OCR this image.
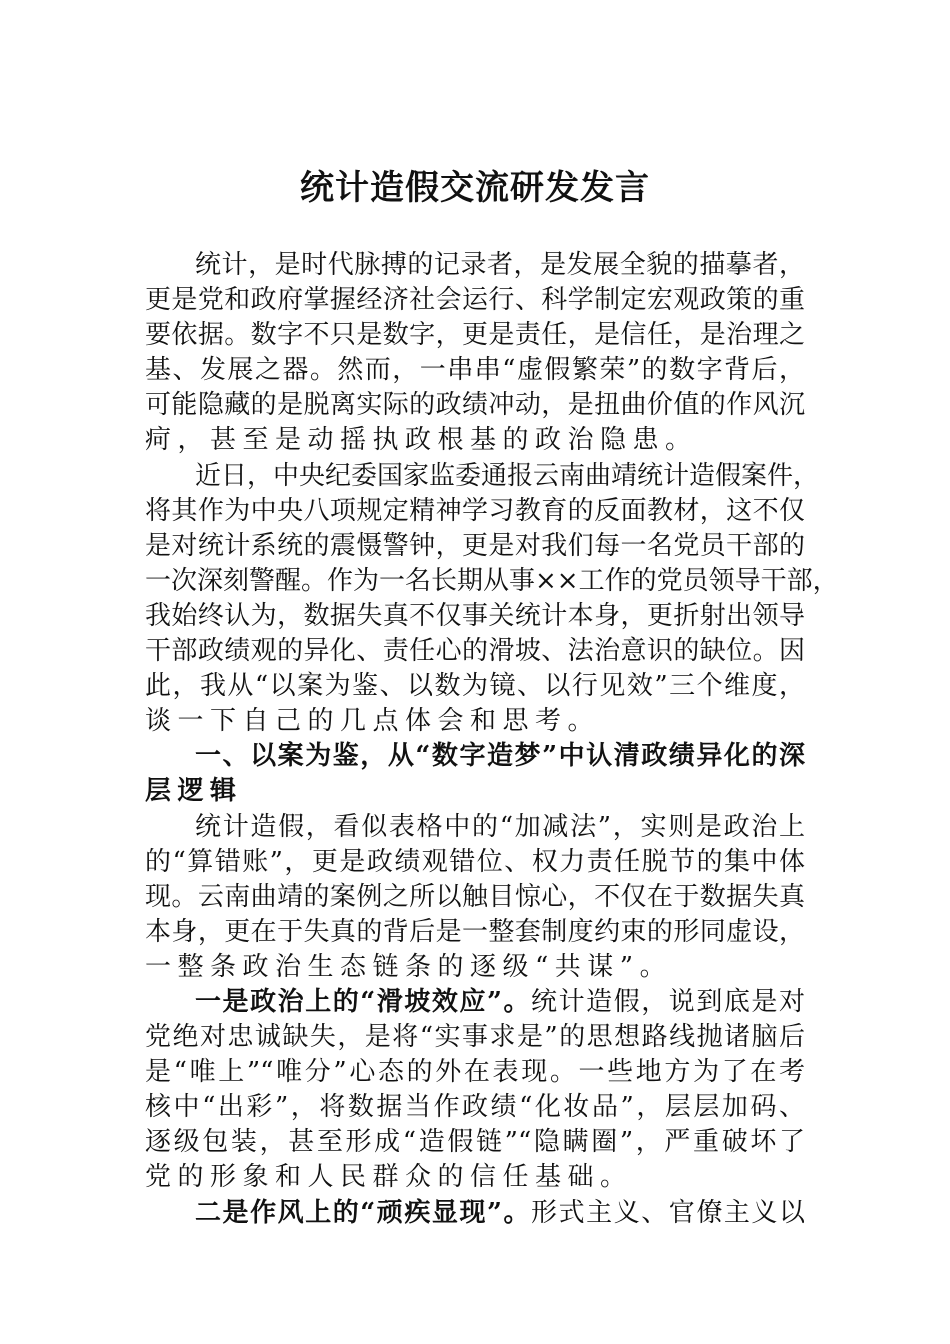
统计造假交流研发发言
统计，是时代脉搏的记录者，是发展全貌的描摹者，
更是党和政府掌握经济社会运行、科学制定宏观政策的重
要依据。数字不只是数字，更是责任，是信任，是治理之
基、发展之器。然而，一串串“虚假繁荣”的数字背后，
可能隐藏的是脱离实际的政绩冲动，是扭曲价值的作风沉
疴，甚至是动摇执政根基的政治隐患。
近日，中央纪委国家监委通报云南曲靖统计造假案件，
将其作为中央八项规定精神学习教育的反面教材，这不仅
是对统计系统的震慑警钟，更是对我们每一名党员干部的
一次深刻警醒。作为一名长期从事××工作的党员领导干部，
我始终认为，数据失真不仅事关统计本身，更折射出领导
干部政绩观的异化、责任心的滑坡、法治意识的缺位。因
此，我从“以案为鉴、以数为镜、以行见效”三个维度，
谈一下自己的几点体会和思考。
一、以案为鉴，从“数字造梦”中认清政绩异化的深
层逻辑
统计造假，看似表格中的“加减法”，实则是政治上
的“算错账”，更是政绩观错位、权力责任脱节的集中体
现。云南曲靖的案例之所以触目惊心，不仅在于数据失真
本身，更在于失真的背后是一整套制度约束的形同虚设，
一整条政治生态链条的逐级“共谋”。
一是政治上的“滑坡效应”。统计造假，说到底是对
党绝对忠诚缺失，是将“实事求是”的思想路线抛诸脑后
是“唯上”“唯分”心态的外在表现。一些地方为了在考
核中“出彩”，将数据当作政绩“化妆品”，层层加码、
逐级包装，甚至形成“造假链”“隐瞒圈”，严重破坏了
党的形象和人民群众的信任基础。
二是作风上的“顽疾显现”。形式主义、官僚主义以
